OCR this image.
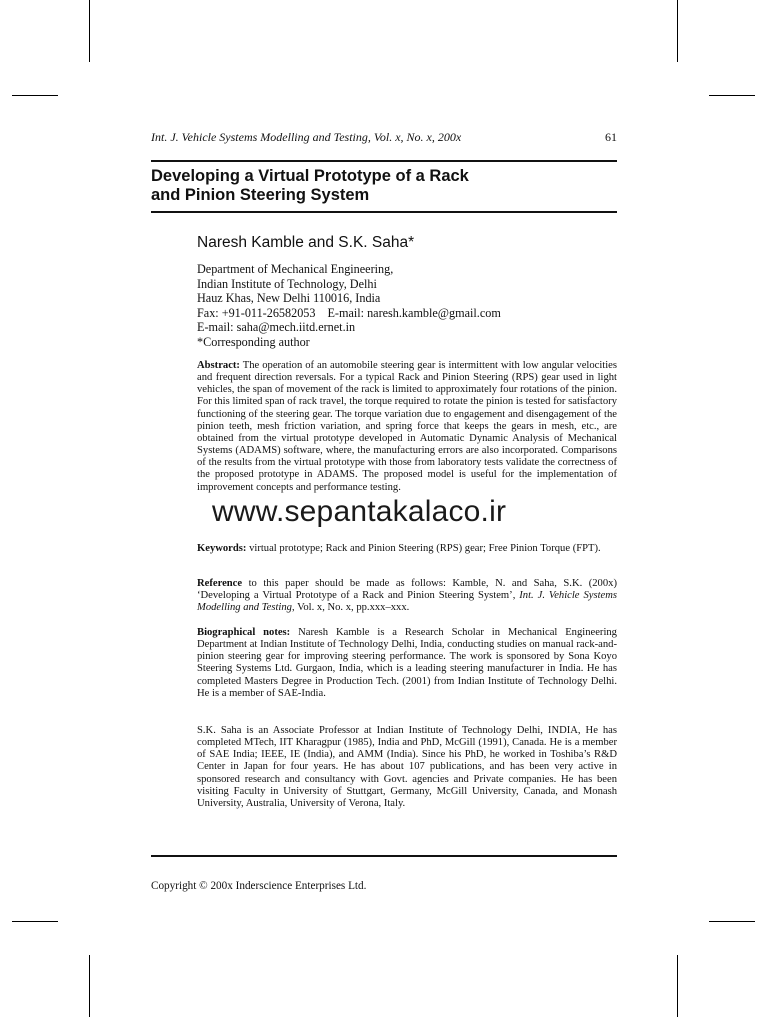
Int. J. Vehicle Systems Modelling and Testing, Vol. x, No. x, 200x	61
Developing a Virtual Prototype of a Rack
and Pinion Steering System
Naresh Kamble and S.K. Saha*
Department of Mechanical Engineering,
Indian Institute of Technology, Delhi
Hauz Khas, New Delhi 110016, India
Fax: +91-011-26582053 E-mail: naresh.kamble@gmail.com
E-mail: saha@mech.iitd.ernet.in
*Corresponding author
Abstract: The operation of an automobile steering gear is intermittent with low angular velocities and frequent direction reversals. For a typical Rack and Pinion Steering (RPS) gear used in light vehicles, the span of movement of the rack is limited to approximately four rotations of the pinion. For this limited span of rack travel, the torque required to rotate the pinion is tested for satisfactory functioning of the steering gear. The torque variation due to engagement and disengagement of the pinion teeth, mesh friction variation, and spring force that keeps the gears in mesh, etc., are obtained from the virtual prototype developed in Automatic Dynamic Analysis of Mechanical Systems (ADAMS) software, where, the manufacturing errors are also incorporated. Comparisons of the results from the virtual prototype with those from laboratory tests validate the correctness of the proposed prototype in ADAMS. The proposed model is useful for the implementation of improvement concepts and performance testing.
Keywords: virtual prototype; Rack and Pinion Steering (RPS) gear; Free Pinion Torque (FPT).
Reference to this paper should be made as follows: Kamble, N. and Saha, S.K. (200x) ‘Developing a Virtual Prototype of a Rack and Pinion Steering System’, Int. J. Vehicle Systems Modelling and Testing, Vol. x, No. x, pp.xxx–xxx.
Biographical notes: Naresh Kamble is a Research Scholar in Mechanical Engineering Department at Indian Institute of Technology Delhi, India, conducting studies on manual rack-and-pinion steering gear for improving steering performance. The work is sponsored by Sona Koyo Steering Systems Ltd. Gurgaon, India, which is a leading steering manufacturer in India. He has completed Masters Degree in Production Tech. (2001) from Indian Institute of Technology Delhi. He is a member of SAE-India.
S.K. Saha is an Associate Professor at Indian Institute of Technology Delhi, INDIA, He has completed MTech, IIT Kharagpur (1985), India and PhD, McGill (1991), Canada. He is a member of SAE India; IEEE, IE (India), and AMM (India). Since his PhD, he worked in Toshiba’s R&D Center in Japan for four years. He has about 107 publications, and has been very active in sponsored research and consultancy with Govt. agencies and Private companies. He has been visiting Faculty in University of Stuttgart, Germany, McGill University, Canada, and Monash University, Australia, University of Verona, Italy.
Copyright © 200x Inderscience Enterprises Ltd.
www.sepantakalaco.ir
